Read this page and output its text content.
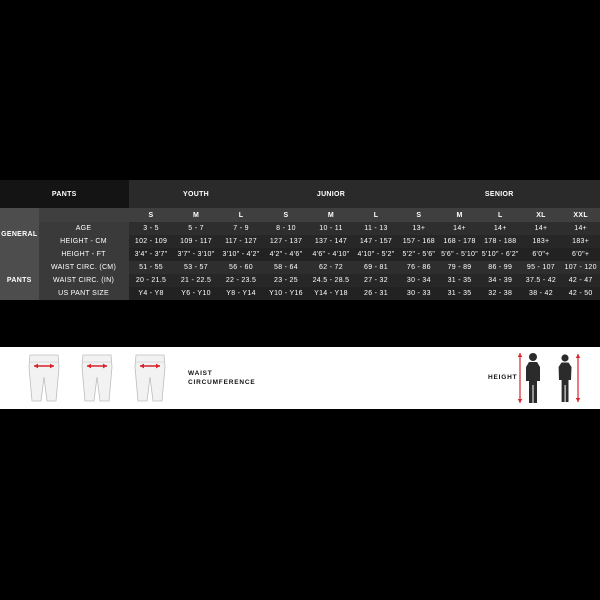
PANTS		YOUTH			JUNIOR			SENIOR				
GENERAL		S	M	L	S	M	L	S	M	L	XL	XXL
	AGE	3 - 5	5 - 7	7 - 9	8 - 10	10 - 11	11 - 13	13+	14+	14+	14+	14+
	HEIGHT - CM	102 - 109	109 - 117	117 - 127	127 - 137	137 - 147	147 - 157	157 - 168	168 - 178	178 - 188	183+	183+
	HEIGHT - FT	3'4" - 3'7"	3'7" - 3'10"	3'10" - 4'2"	4'2" - 4'6"	4'6" - 4'10"	4'10" - 5'2"	5'2" - 5'6"	5'6" - 5'10"	5'10" - 6'2"	6'0"+	6'0"+
PANTS	WAIST CIRC. (CM)	51 - 55	53 - 57	56 - 60	58 - 64	62 - 72	69 - 81	76 - 86	79 - 89	86 - 99	95 - 107	107 - 120
	WAIST CIRC. (IN)	20 - 21.5	21 - 22.5	22 - 23.5	23 - 25	24.5 - 28.5	27 - 32	30 - 34	31 - 35	34 - 39	37.5 - 42	42 - 47
	US PANT SIZE	Y4 - Y8	Y6 - Y10	Y8 - Y14	Y10 - Y16	Y14 - Y18	26 - 31	30 - 33	31 - 35	32 - 38	38 - 42	42 - 50
WAIST
CIRCUMFERENCE
HEIGHT
